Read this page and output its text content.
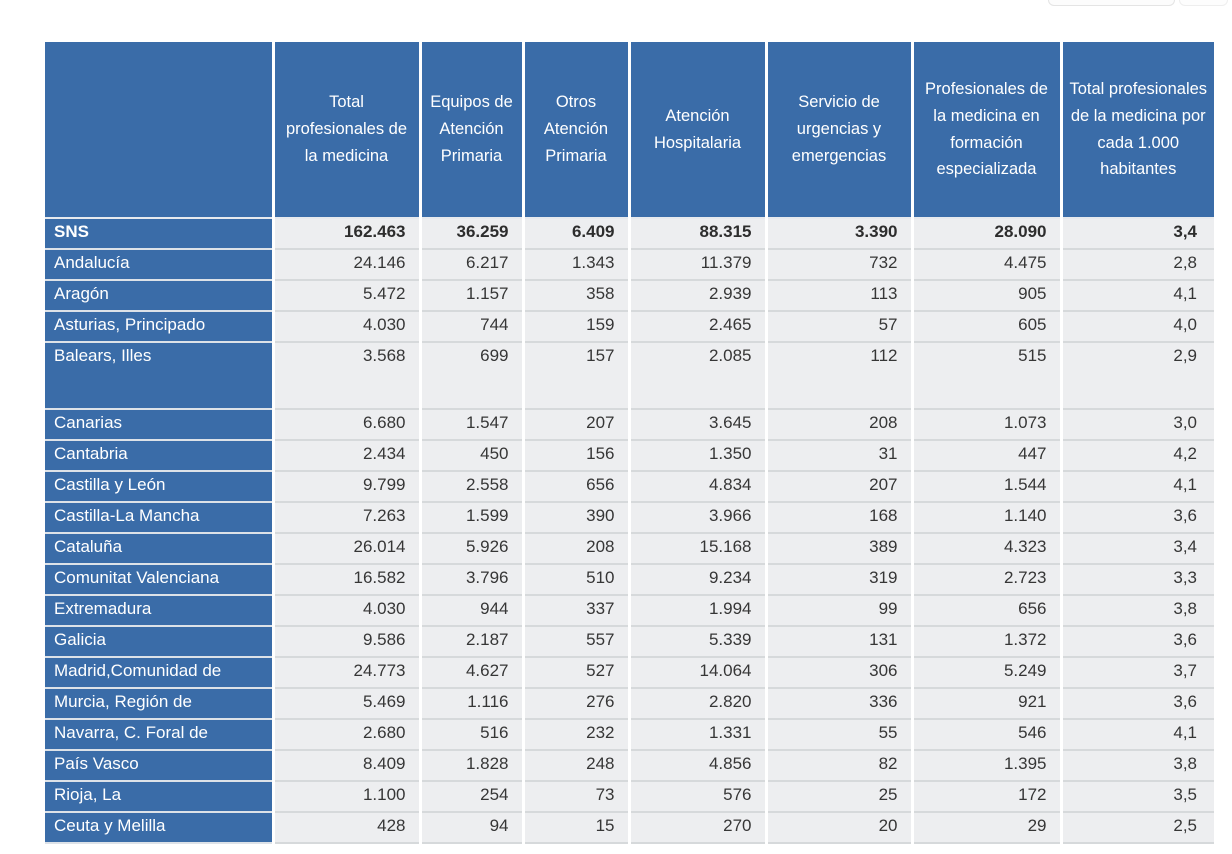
	Total profesionales de la medicina	Equipos de Atención Primaria	Otros Atención Primaria	Atención Hospitalaria	Servicio de urgencias y emergencias	Profesionales de la medicina en formación especializada	Total profesionales de la medicina por cada 1.000 habitantes
SNS	162.463	36.259	6.409	88.315	3.390	28.090	3,4
Andalucía	24.146	6.217	1.343	11.379	732	4.475	2,8
Aragón	5.472	1.157	358	2.939	113	905	4,1
Asturias, Principado	4.030	744	159	2.465	57	605	4,0
Balears, Illes	3.568	699	157	2.085	112	515	2,9
Canarias	6.680	1.547	207	3.645	208	1.073	3,0
Cantabria	2.434	450	156	1.350	31	447	4,2
Castilla y León	9.799	2.558	656	4.834	207	1.544	4,1
Castilla-La Mancha	7.263	1.599	390	3.966	168	1.140	3,6
Cataluña	26.014	5.926	208	15.168	389	4.323	3,4
Comunitat Valenciana	16.582	3.796	510	9.234	319	2.723	3,3
Extremadura	4.030	944	337	1.994	99	656	3,8
Galicia	9.586	2.187	557	5.339	131	1.372	3,6
Madrid,Comunidad de	24.773	4.627	527	14.064	306	5.249	3,7
Murcia, Región de	5.469	1.116	276	2.820	336	921	3,6
Navarra, C. Foral de	2.680	516	232	1.331	55	546	4,1
País Vasco	8.409	1.828	248	4.856	82	1.395	3,8
Rioja, La	1.100	254	73	576	25	172	3,5
Ceuta y Melilla	428	94	15	270	20	29	2,5
